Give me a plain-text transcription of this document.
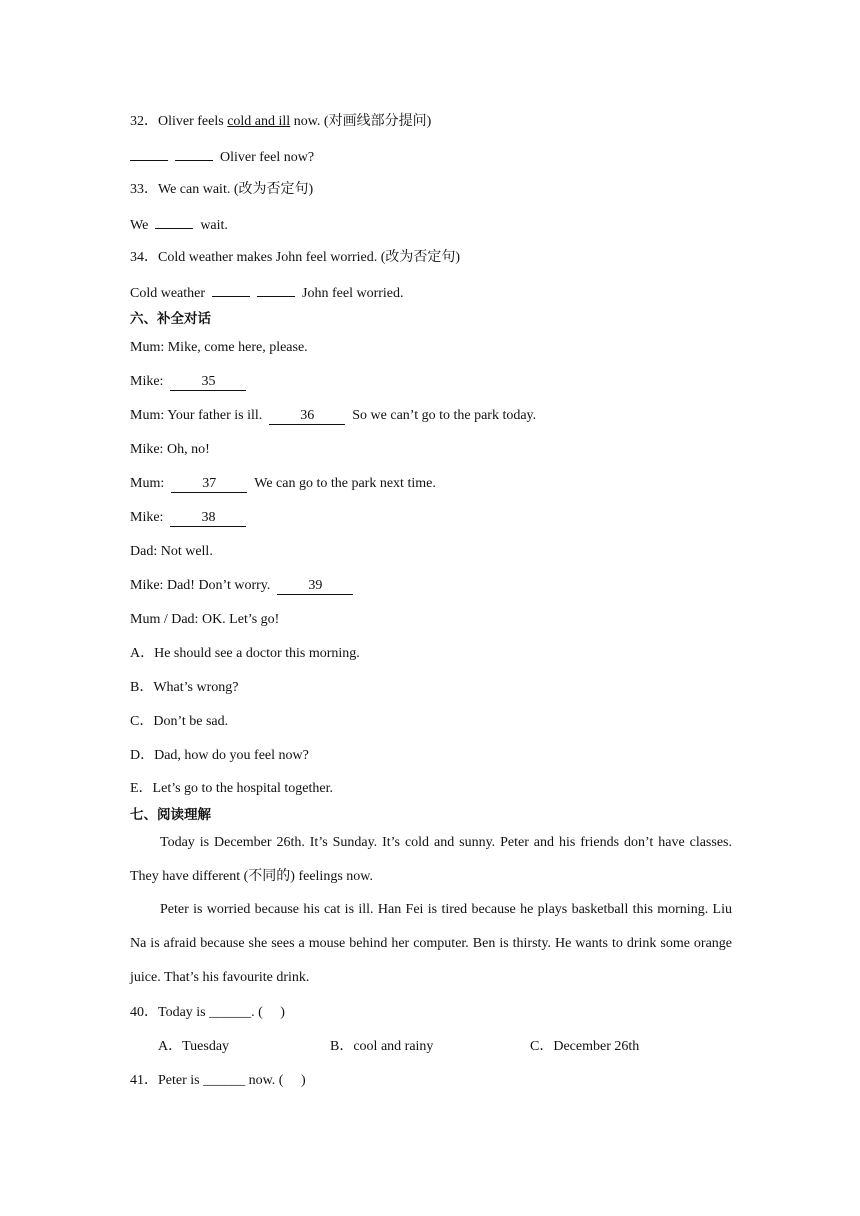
32．Oliver feels cold and ill now. (对画线部分提问)
Oliver feel now?
33．We can wait. (改为否定句)
We	wait.
34．Cold weather makes John feel worried. (改为否定句)
Cold weather	John feel worried.
六、补全对话
Mum: Mike, come here, please.
Mike:	35
Mum: Your father is ill.	36	So we can’t go to the park today.
Mike: Oh, no!
Mum:	37	We can go to the park next time.
Mike:	38
Dad: Not well.
Mike: Dad! Don’t worry.	39
Mum / Dad: OK. Let’s go!
A．He should see a doctor this morning.
B．What’s wrong?
C．Don’t be sad.
D．Dad, how do you feel now?
E．Let’s go to the hospital together.
七、阅读理解
Today is December 26th. It’s Sunday. It’s cold and sunny. Peter and his friends don’t have classes. They have different (不同的) feelings now.
Peter is worried because his cat is ill. Han Fei is tired because he plays basketball this morning. Liu Na is afraid because she sees a mouse behind her computer. Ben is thirsty. He wants to drink some orange juice. That’s his favourite drink.
40．Today is ______. (　 )
A．Tuesday	B．cool and rainy	C．December 26th
41．Peter is ______ now. (　 )
